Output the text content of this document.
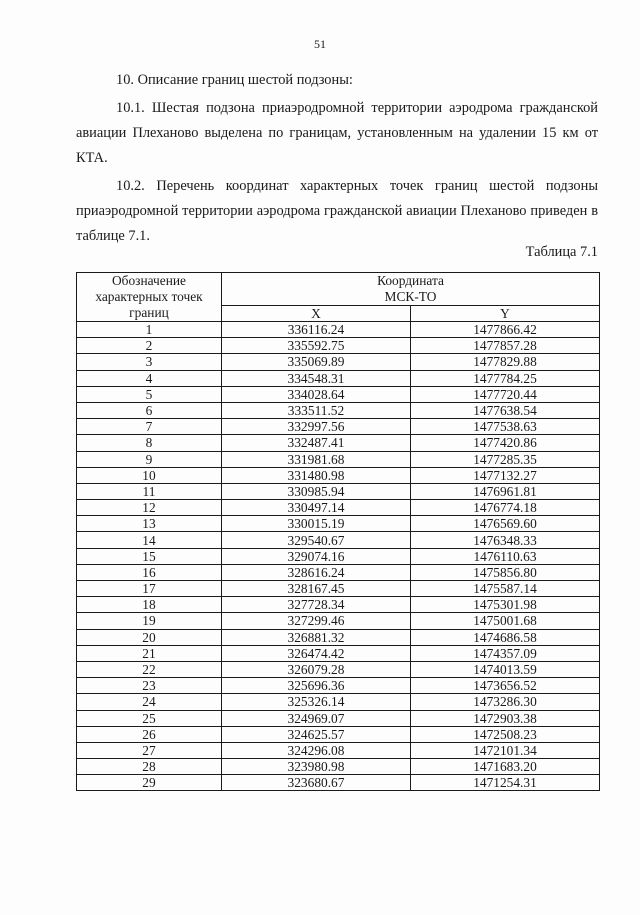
51
10. Описание границ шестой подзоны:
10.1. Шестая подзона приаэродромной территории аэродрома гражданской авиации Плеханово выделена по границам, установленным на удалении 15 км от КТА.
10.2. Перечень координат характерных точек границ шестой подзоны приаэродромной территории аэродрома гражданской авиации Плеханово приведен в таблице 7.1.
Таблица 7.1
Обозначение характерных точек границ	Координата МСК-ТО	
	X	Y
1	336116.24	1477866.42
2	335592.75	1477857.28
3	335069.89	1477829.88
4	334548.31	1477784.25
5	334028.64	1477720.44
6	333511.52	1477638.54
7	332997.56	1477538.63
8	332487.41	1477420.86
9	331981.68	1477285.35
10	331480.98	1477132.27
11	330985.94	1476961.81
12	330497.14	1476774.18
13	330015.19	1476569.60
14	329540.67	1476348.33
15	329074.16	1476110.63
16	328616.24	1475856.80
17	328167.45	1475587.14
18	327728.34	1475301.98
19	327299.46	1475001.68
20	326881.32	1474686.58
21	326474.42	1474357.09
22	326079.28	1474013.59
23	325696.36	1473656.52
24	325326.14	1473286.30
25	324969.07	1472903.38
26	324625.57	1472508.23
27	324296.08	1472101.34
28	323980.98	1471683.20
29	323680.67	1471254.31
